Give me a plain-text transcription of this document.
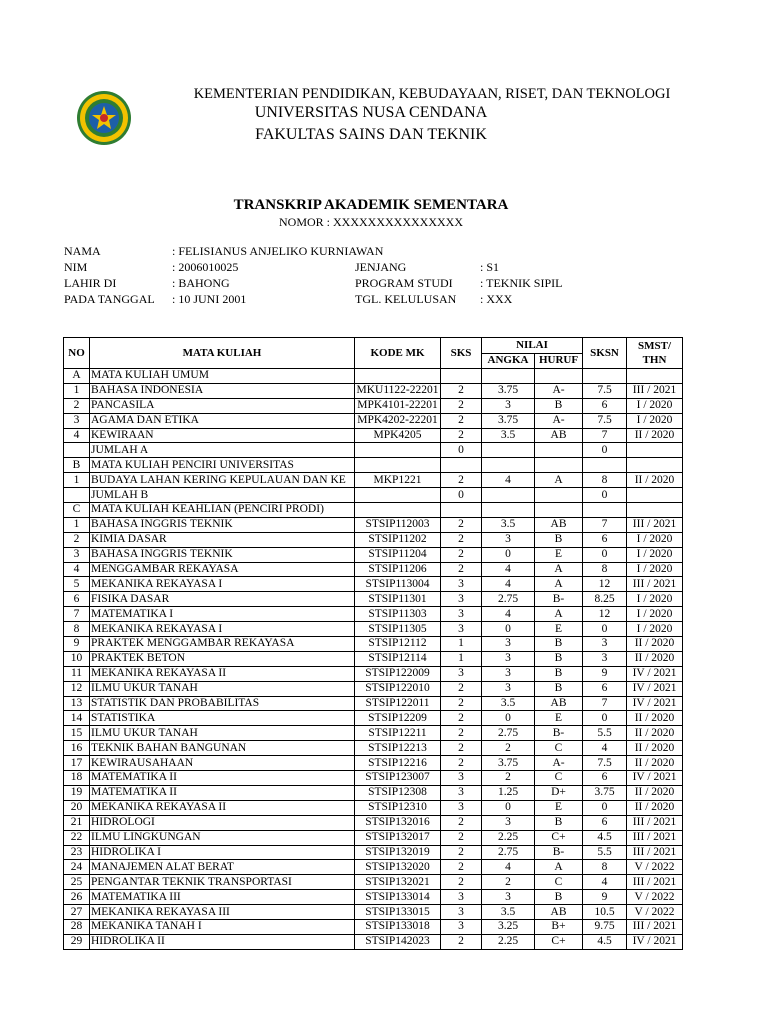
KEMENTERIAN PENDIDIKAN, KEBUDAYAAN, RISET, DAN TEKNOLOGI
UNIVERSITAS NUSA CENDANA
FAKULTAS SAINS DAN TEKNIK
TRANSKRIP AKADEMIK SEMENTARA
NOMOR : XXXXXXXXXXXXXXX
NAMA	: FELISIANUS ANJELIKO KURNIAWAN
NIM	: 2006010025
LAHIR DI	: BAHONG
PADA TANGGAL : 10 JUNI 2001
JENJANG	: S1
PROGRAM STUDI : TEKNIK SIPIL
TGL. KELULUSAN : XXX
NO	MATA KULIAH	KODE MK	SKS	NILAI		SKSN	SMST/
THN
				ANGKA	HURUF		
A	MATA KULIAH UMUM						
1	BAHASA INDONESIA	MKU1122-22201	2	3.75	A-	7.5	III / 2021
2	PANCASILA	MPK4101-22201	2	3	B	6	I / 2020
3	AGAMA DAN ETIKA	MPK4202-22201	2	3.75	A-	7.5	I / 2020
4	KEWIRAAN	MPK4205	2	3.5	AB	7	II / 2020
	JUMLAH A		0			0	
B	MATA KULIAH PENCIRI UNIVERSITAS						
1	BUDAYA LAHAN KERING KEPULAUAN DAN KE	MKP1221	2	4	A	8	II / 2020
	JUMLAH B		0			0	
C	MATA KULIAH KEAHLIAN (PENCIRI PRODI)						
1	BAHASA INGGRIS TEKNIK	STSIP112003	2	3.5	AB	7	III / 2021
2	KIMIA DASAR	STSIP11202	2	3	B	6	I / 2020
3	BAHASA INGGRIS TEKNIK	STSIP11204	2	0	E	0	I / 2020
4	MENGGAMBAR REKAYASA	STSIP11206	2	4	A	8	I / 2020
5	MEKANIKA REKAYASA I	STSIP113004	3	4	A	12	III / 2021
6	FISIKA DASAR	STSIP11301	3	2.75	B-	8.25	I / 2020
7	MATEMATIKA I	STSIP11303	3	4	A	12	I / 2020
8	MEKANIKA REKAYASA I	STSIP11305	3	0	E	0	I / 2020
9	PRAKTEK MENGGAMBAR REKAYASA	STSIP12112	1	3	B	3	II / 2020
10	PRAKTEK BETON	STSIP12114	1	3	B	3	II / 2020
11	MEKANIKA REKAYASA II	STSIP122009	3	3	B	9	IV / 2021
12	ILMU UKUR TANAH	STSIP122010	2	3	B	6	IV / 2021
13	STATISTIK DAN PROBABILITAS	STSIP122011	2	3.5	AB	7	IV / 2021
14	STATISTIKA	STSIP12209	2	0	E	0	II / 2020
15	ILMU UKUR TANAH	STSIP12211	2	2.75	B-	5.5	II / 2020
16	TEKNIK BAHAN BANGUNAN	STSIP12213	2	2	C	4	II / 2020
17	KEWIRAUSAHAAN	STSIP12216	2	3.75	A-	7.5	II / 2020
18	MATEMATIKA II	STSIP123007	3	2	C	6	IV / 2021
19	MATEMATIKA II	STSIP12308	3	1.25	D+	3.75	II / 2020
20	MEKANIKA REKAYASA II	STSIP12310	3	0	E	0	II / 2020
21	HIDROLOGI	STSIP132016	2	3	B	6	III / 2021
22	ILMU LINGKUNGAN	STSIP132017	2	2.25	C+	4.5	III / 2021
23	HIDROLIKA I	STSIP132019	2	2.75	B-	5.5	III / 2021
24	MANAJEMEN ALAT BERAT	STSIP132020	2	4	A	8	V / 2022
25	PENGANTAR TEKNIK TRANSPORTASI	STSIP132021	2	2	C	4	III / 2021
26	MATEMATIKA III	STSIP133014	3	3	B	9	V / 2022
27	MEKANIKA REKAYASA III	STSIP133015	3	3.5	AB	10.5	V / 2022
28	MEKANIKA TANAH I	STSIP133018	3	3.25	B+	9.75	III / 2021
29	HIDROLIKA II	STSIP142023	2	2.25	C+	4.5	IV / 2021
